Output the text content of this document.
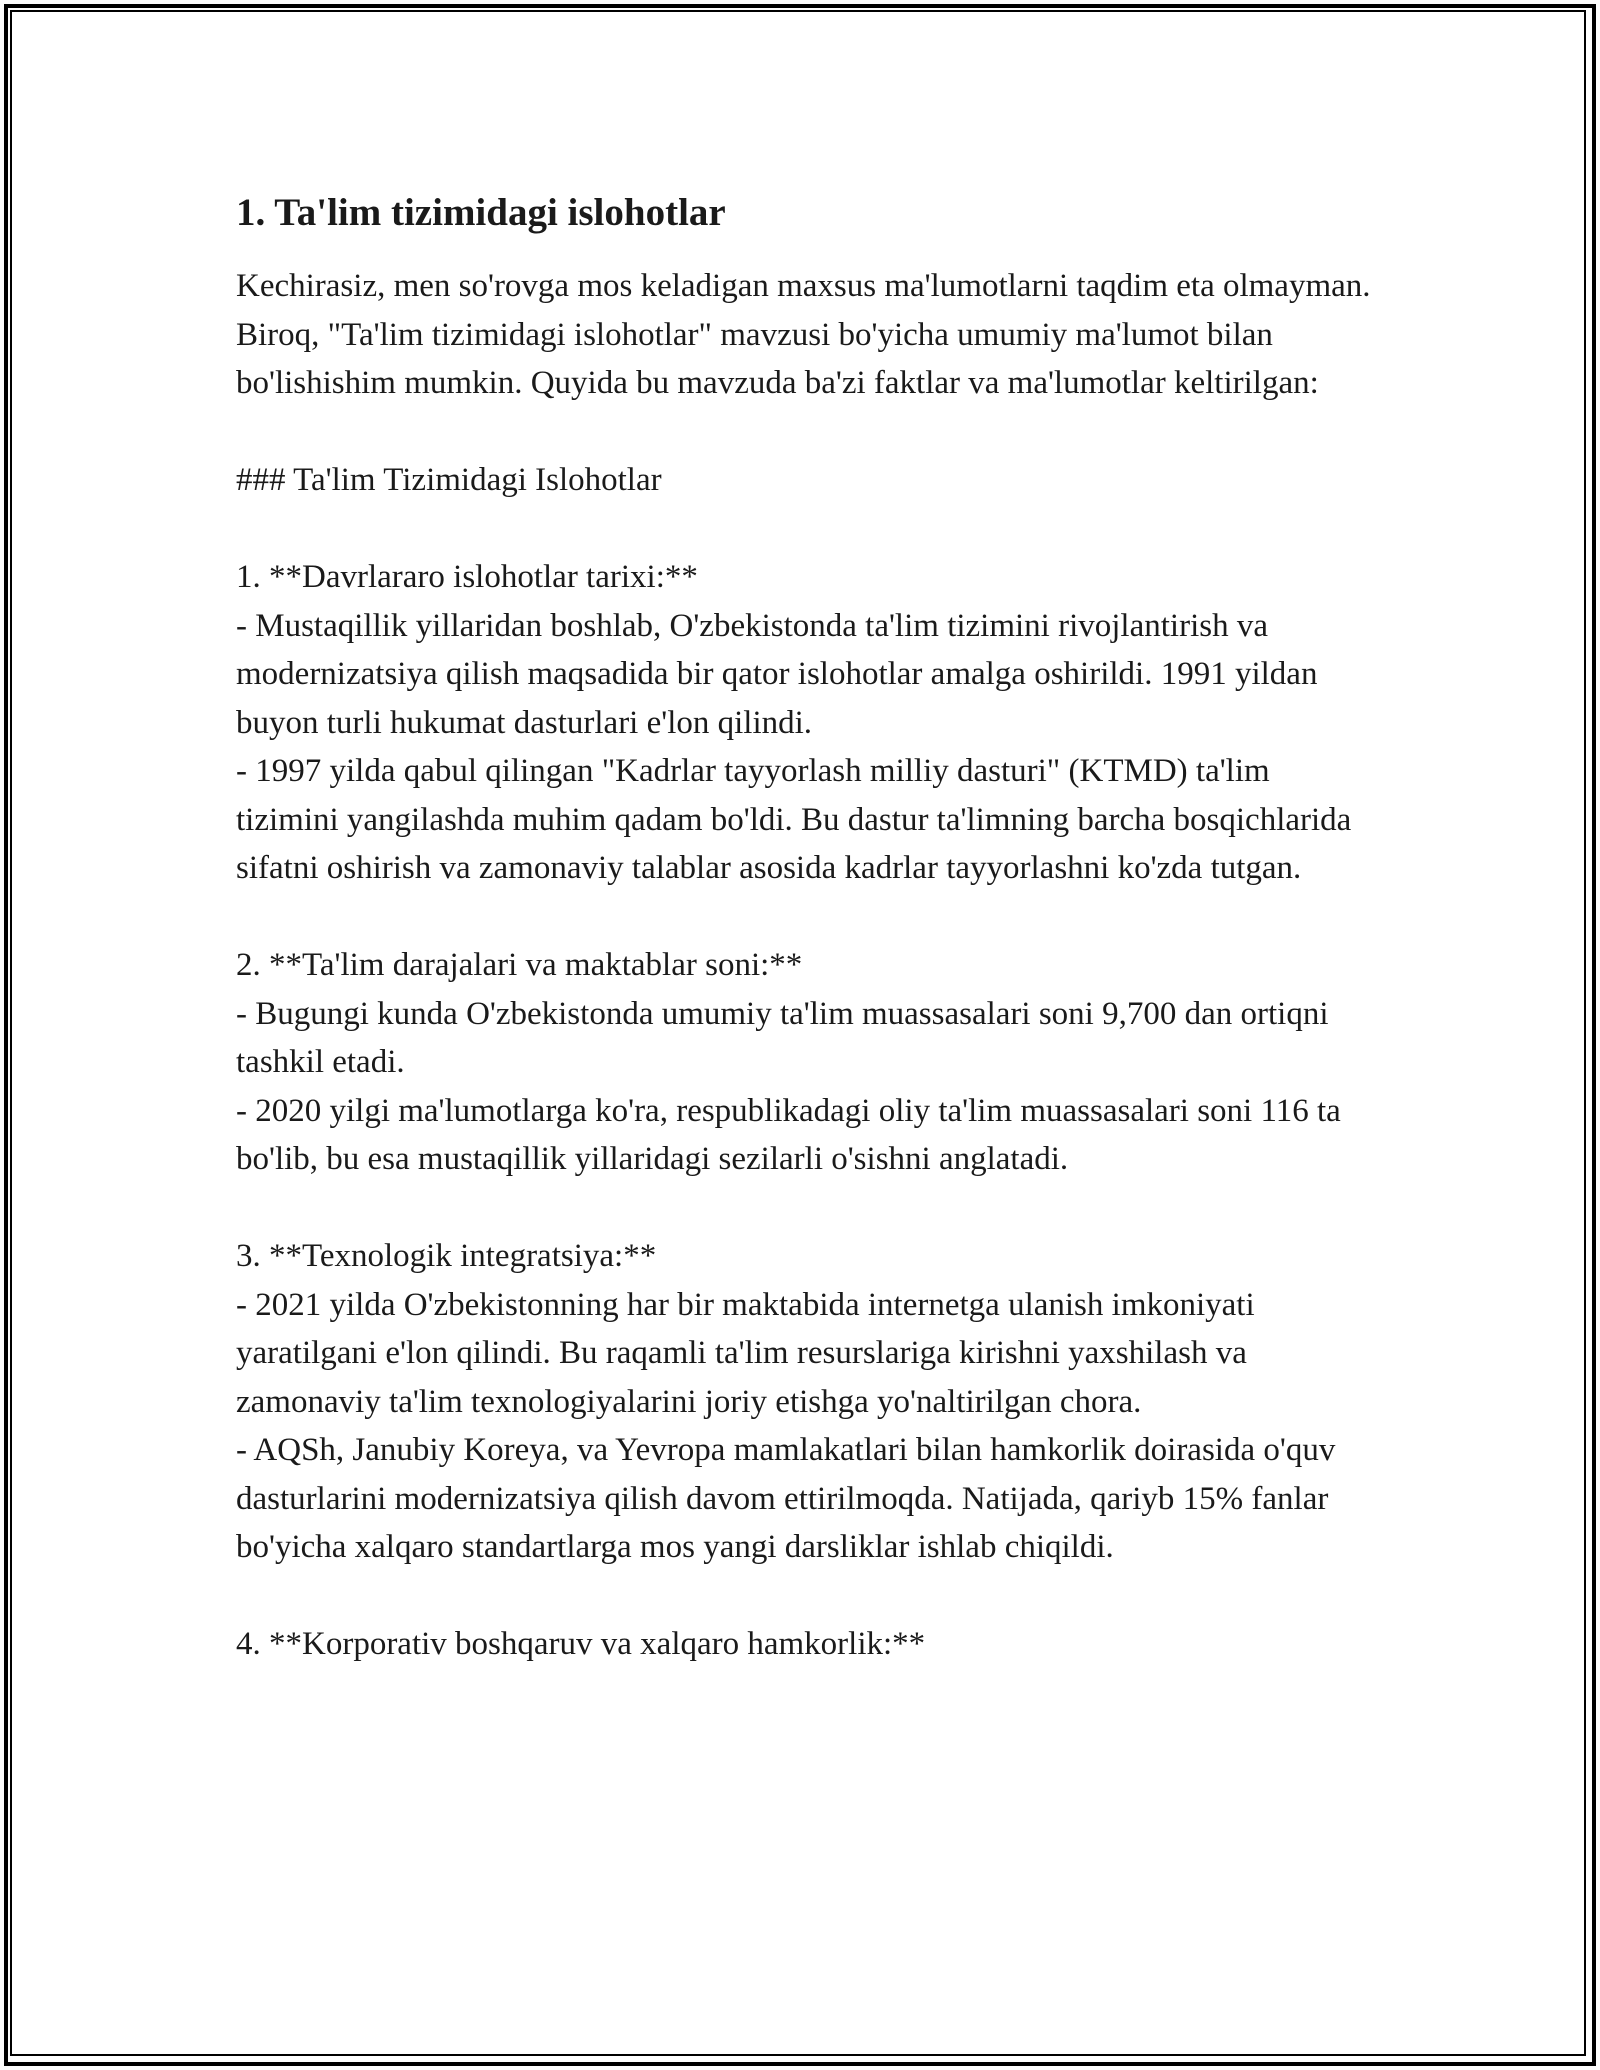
1. Ta'lim tizimidagi islohotlar

Kechirasiz, men so'rovga mos keladigan maxsus ma'lumotlarni taqdim eta olmayman. Biroq, "Ta'lim tizimidagi islohotlar" mavzusi bo'yicha umumiy ma'lumot bilan bo'lishishim mumkin. Quyida bu mavzuda ba'zi faktlar va ma'lumotlar keltirilgan:

### Ta'lim Tizimidagi Islohotlar

1. **Davrlararo islohotlar tarixi:**
- Mustaqillik yillaridan boshlab, O'zbekistonda ta'lim tizimini rivojlantirish va modernizatsiya qilish maqsadida bir qator islohotlar amalga oshirildi. 1991 yildan buyon turli hukumat dasturlari e'lon qilindi.
- 1997 yilda qabul qilingan "Kadrlar tayyorlash milliy dasturi" (KTMD) ta'lim tizimini yangilashda muhim qadam bo'ldi. Bu dastur ta'limning barcha bosqichlarida sifatni oshirish va zamonaviy talablar asosida kadrlar tayyorlashni ko'zda tutgan.

2. **Ta'lim darajalari va maktablar soni:**
- Bugungi kunda O'zbekistonda umumiy ta'lim muassasalari soni 9,700 dan ortiqni tashkil etadi.
- 2020 yilgi ma'lumotlarga ko'ra, respublikadagi oliy ta'lim muassasalari soni 116 ta bo'lib, bu esa mustaqillik yillaridagi sezilarli o'sishni anglatadi.

3. **Texnologik integratsiya:**
- 2021 yilda O'zbekistonning har bir maktabida internetga ulanish imkoniyati yaratilgani e'lon qilindi. Bu raqamli ta'lim resurslariga kirishni yaxshilash va zamonaviy ta'lim texnologiyalarini joriy etishga yo'naltirilgan chora.
- AQSh, Janubiy Koreya, va Yevropa mamlakatlari bilan hamkorlik doirasida o'quv dasturlarini modernizatsiya qilish davom ettirilmoqda. Natijada, qariyb 15% fanlar bo'yicha xalqaro standartlarga mos yangi darsliklar ishlab chiqildi.

4. **Korporativ boshqaruv va xalqaro hamkorlik:**
